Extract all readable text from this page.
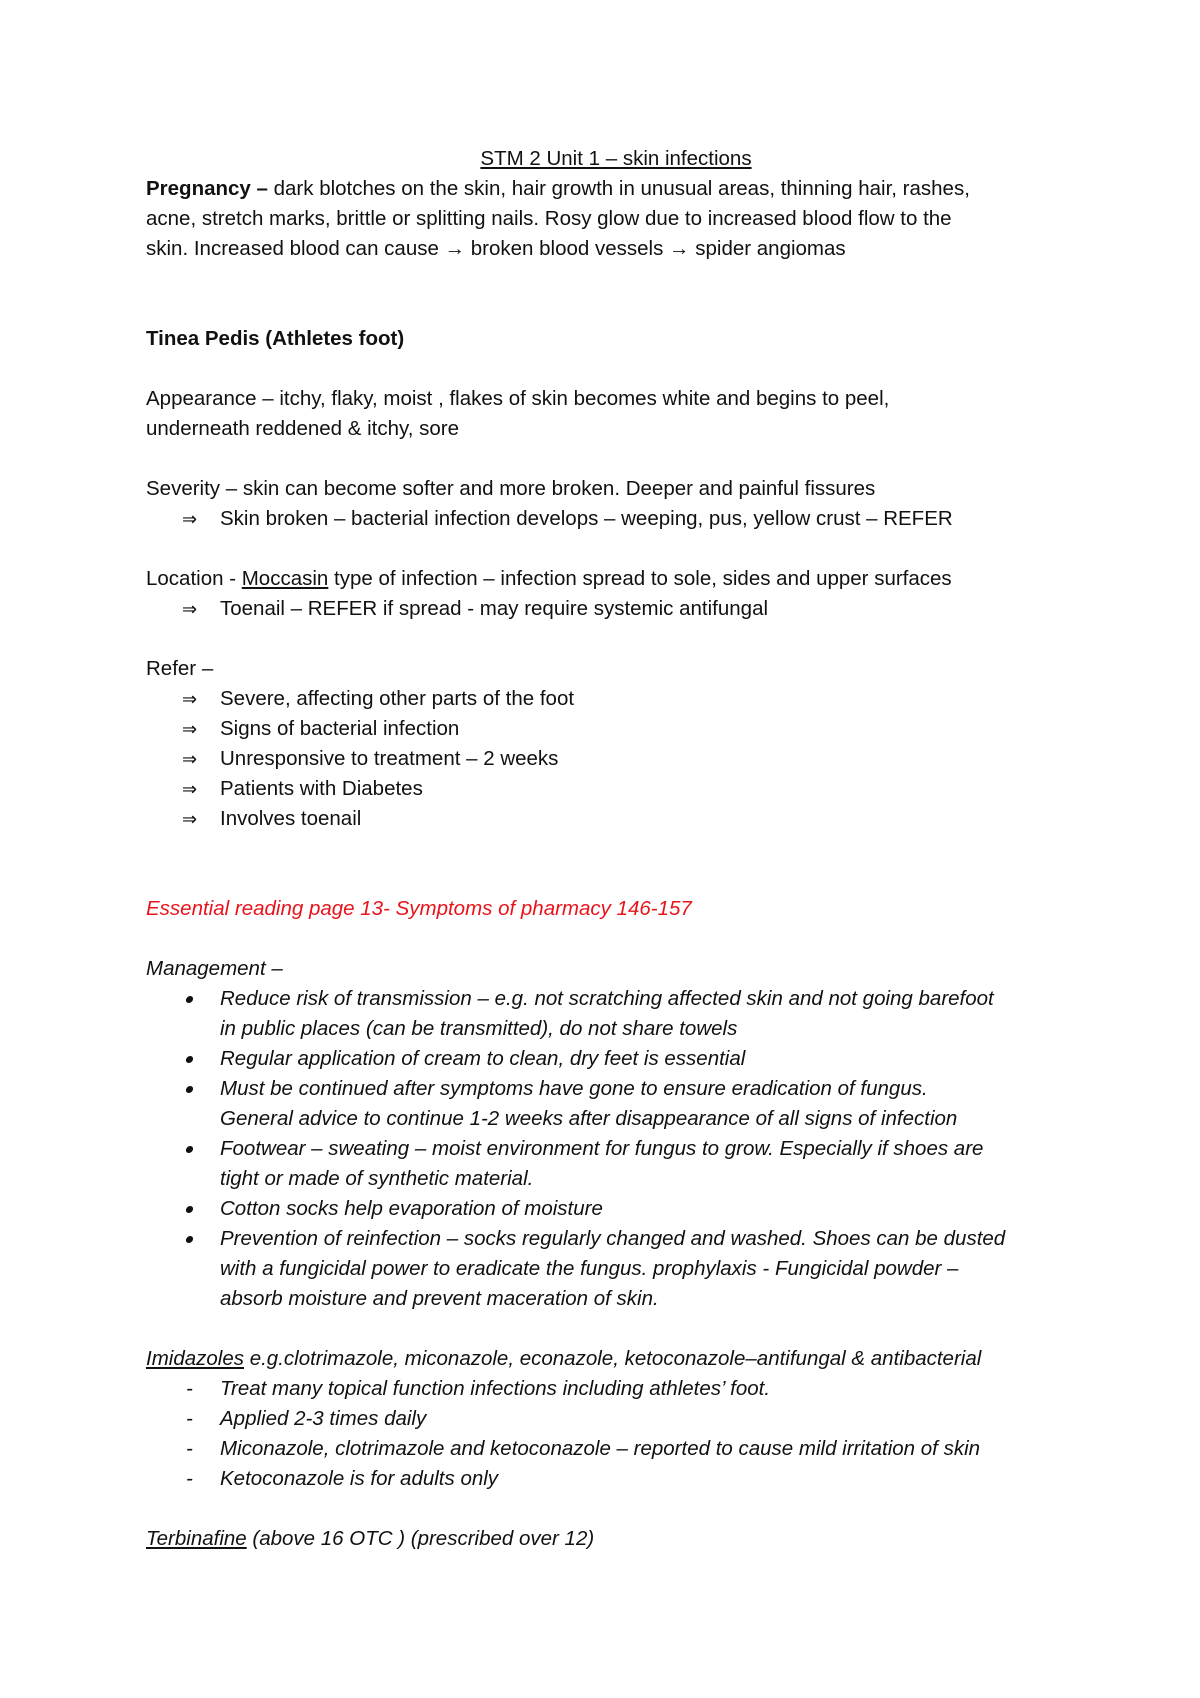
STM 2 Unit 1 – skin infections

Pregnancy – dark blotches on the skin, hair growth in unusual areas, thinning hair, rashes,

acne, stretch marks, brittle or splitting nails. Rosy glow due to increased blood flow to the

skin. Increased blood can cause → broken blood vessels → spider angiomas

Tinea Pedis (Athletes foot)

Appearance – itchy, flaky, moist , flakes of skin becomes white and begins to peel,

underneath reddened & itchy, sore

Severity – skin can become softer and more broken. Deeper and painful fissures

⇒	Skin broken – bacterial infection develops – weeping, pus, yellow crust – REFER

Location - Moccasin type of infection – infection spread to sole, sides and upper surfaces

⇒	Toenail – REFER if spread - may require systemic antifungal

Refer –

⇒	Severe, affecting other parts of the foot
⇒	Signs of bacterial infection
⇒	Unresponsive to treatment – 2 weeks
⇒	Patients with Diabetes
⇒	Involves toenail

Essential reading page 13- Symptoms of pharmacy 146-157

Management –

Reduce risk of transmission – e.g. not scratching affected skin and not going barefoot
in public places (can be transmitted), do not share towels
Regular application of cream to clean, dry feet is essential
Must be continued after symptoms have gone to ensure eradication of fungus.
General advice to continue 1-2 weeks after disappearance of all signs of infection
Footwear – sweating – moist environment for fungus to grow. Especially if shoes are
tight or made of synthetic material.
Cotton socks help evaporation of moisture
Prevention of reinfection – socks regularly changed and washed. Shoes can be dusted
with a fungicidal power to eradicate the fungus. prophylaxis - Fungicidal powder –
absorb moisture and prevent maceration of skin.

Imidazoles e.g.clotrimazole, miconazole, econazole, ketoconazole–antifungal & antibacterial

- Treat many topical function infections including athletes’ foot.
- Applied 2-3 times daily
- Miconazole, clotrimazole and ketoconazole – reported to cause mild irritation of skin
- Ketoconazole is for adults only

Terbinafine (above 16 OTC ) (prescribed over 12)
